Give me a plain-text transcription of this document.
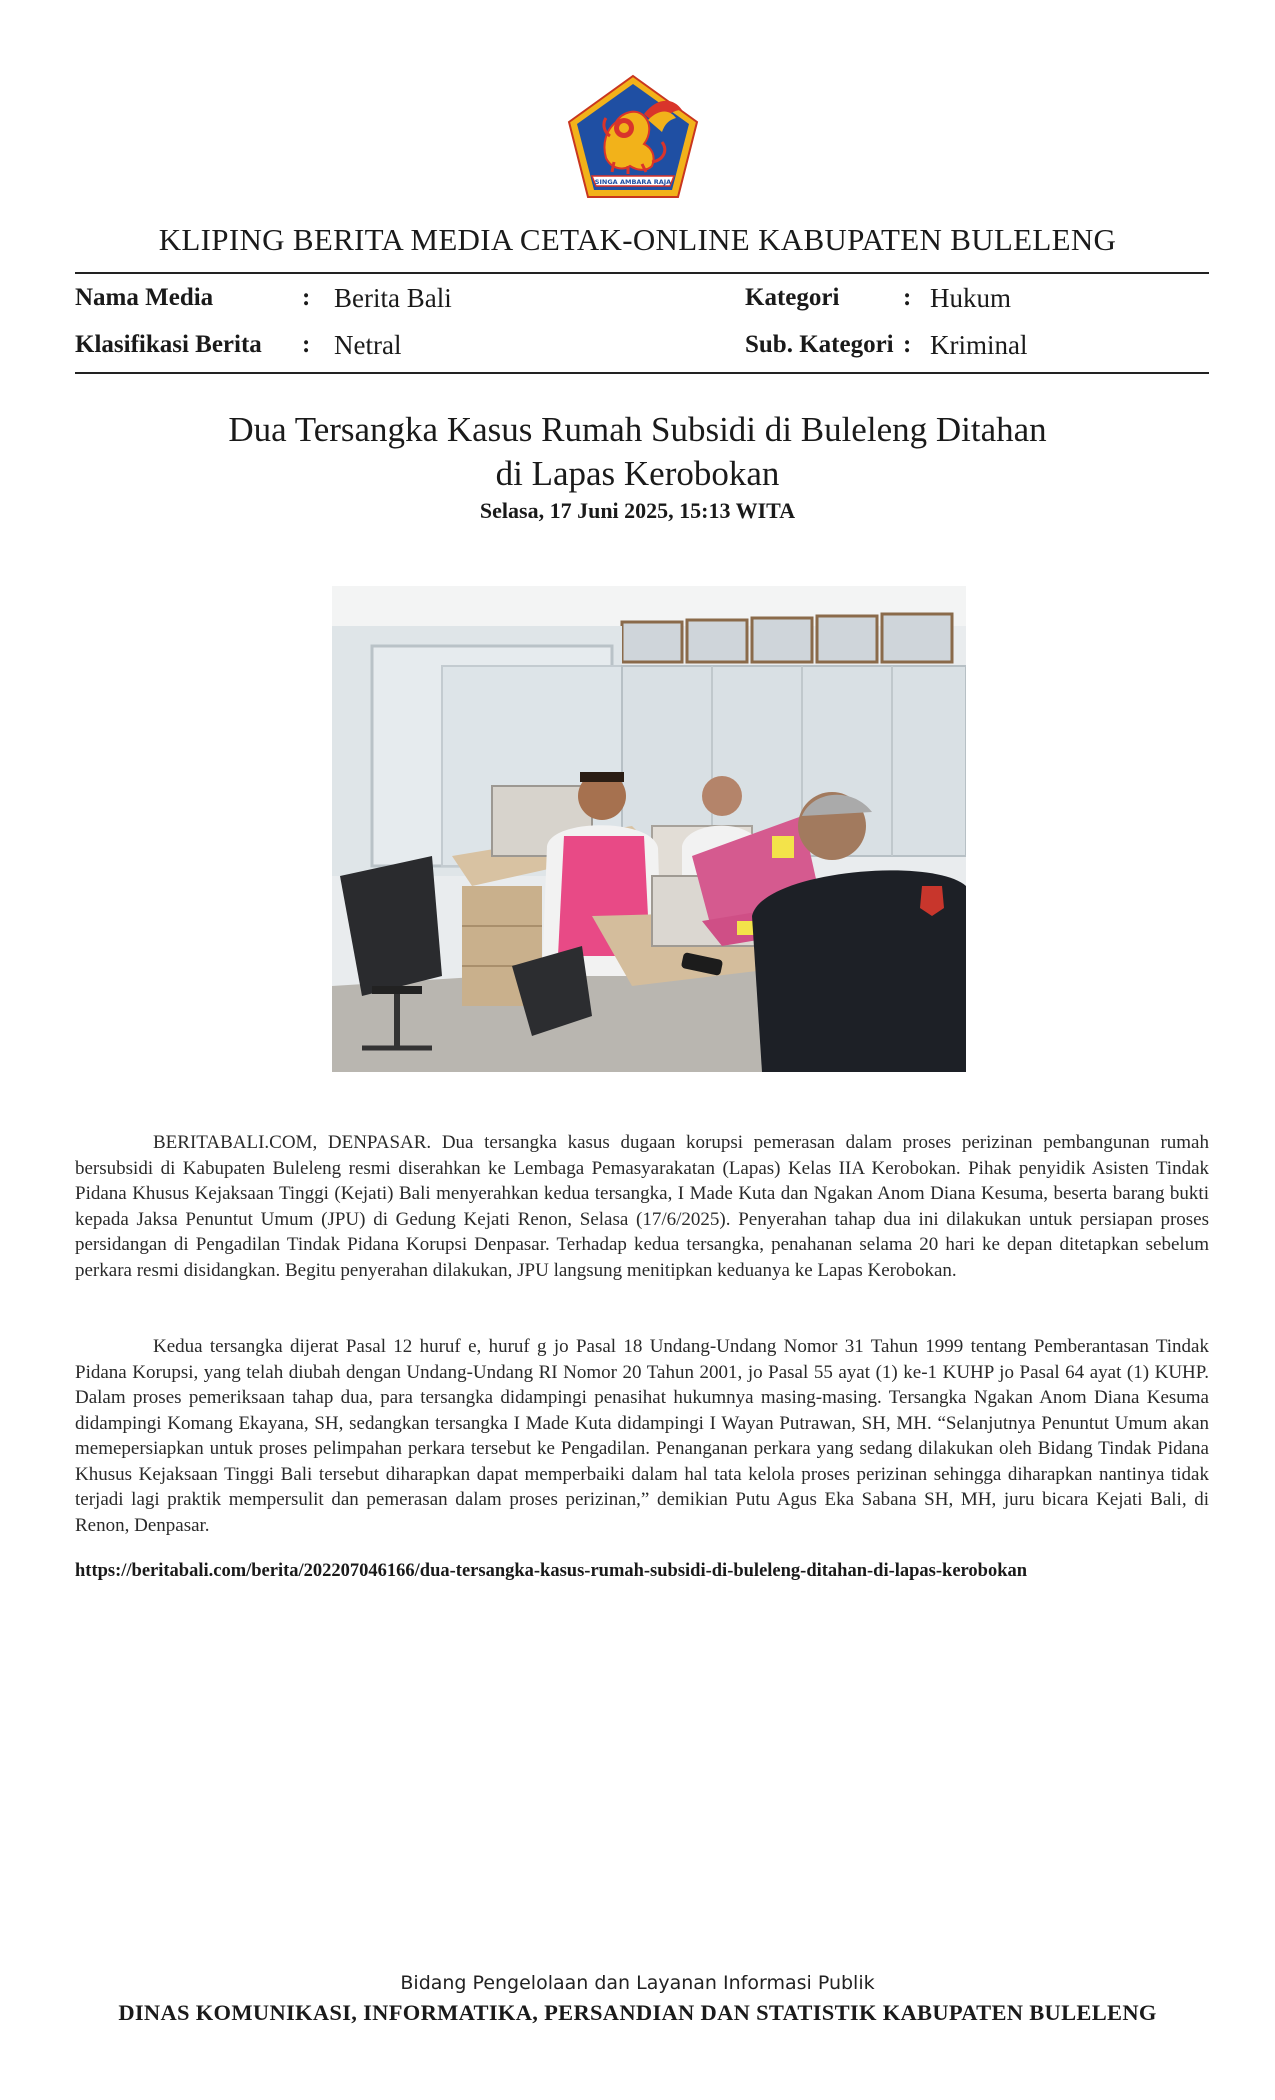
SINGA AMBARA RAJA
KLIPING BERITA MEDIA CETAK-ONLINE KABUPATEN BULELENG
Nama Media	: Berita Bali
Klasifikasi Berita : Netral
Kategori	: Hukum
Sub. Kategori : Kriminal
Dua Tersangka Kasus Rumah Subsidi di Buleleng Ditahan
di Lapas Kerobokan
Selasa, 17 Juni 2025, 15:13 WITA

BERITABALI.COM, DENPASAR. Dua tersangka kasus dugaan korupsi pemerasan dalam proses perizinan pembangunan rumah bersubsidi di Kabupaten Buleleng resmi diserahkan ke Lembaga Pemasyarakatan (Lapas) Kelas IIA Kerobokan. Pihak penyidik Asisten Tindak Pidana Khusus Kejaksaan Tinggi (Kejati) Bali menyerahkan kedua tersangka, I Made Kuta dan Ngakan Anom Diana Kesuma, beserta barang bukti kepada Jaksa Penuntut Umum (JPU) di Gedung Kejati Renon, Selasa (17/6/2025). Penyerahan tahap dua ini dilakukan untuk persiapan proses persidangan di Pengadilan Tindak Pidana Korupsi Denpasar. Terhadap kedua tersangka, penahanan selama 20 hari ke depan ditetapkan sebelum perkara resmi disidangkan. Begitu penyerahan dilakukan, JPU langsung menitipkan keduanya ke Lapas Kerobokan.

Kedua tersangka dijerat Pasal 12 huruf e, huruf g jo Pasal 18 Undang-Undang Nomor 31 Tahun 1999 tentang Pemberantasan Tindak Pidana Korupsi, yang telah diubah dengan Undang-Undang RI Nomor 20 Tahun 2001, jo Pasal 55 ayat (1) ke-1 KUHP jo Pasal 64 ayat (1) KUHP. Dalam proses pemeriksaan tahap dua, para tersangka didampingi penasihat hukumnya masing-masing. Tersangka Ngakan Anom Diana Kesuma didampingi Komang Ekayana, SH, sedangkan tersangka I Made Kuta didampingi I Wayan Putrawan, SH, MH. “Selanjutnya Penuntut Umum akan memepersiapkan untuk proses pelimpahan perkara tersebut ke Pengadilan. Penanganan perkara yang sedang dilakukan oleh Bidang Tindak Pidana Khusus Kejaksaan Tinggi Bali tersebut diharapkan dapat memperbaiki dalam hal tata kelola proses perizinan sehingga diharapkan nantinya tidak terjadi lagi praktik mempersulit dan pemerasan dalam proses perizinan,” demikian Putu Agus Eka Sabana SH, MH, juru bicara Kejati Bali, di Renon, Denpasar.

https://beritabali.com/berita/202207046166/dua-tersangka-kasus-rumah-subsidi-di-buleleng-ditahan-di-lapas-kerobokan
Bidang Pengelolaan dan Layanan Informasi Publik
DINAS KOMUNIKASI, INFORMATIKA, PERSANDIAN DAN STATISTIK KABUPATEN BULELENG
